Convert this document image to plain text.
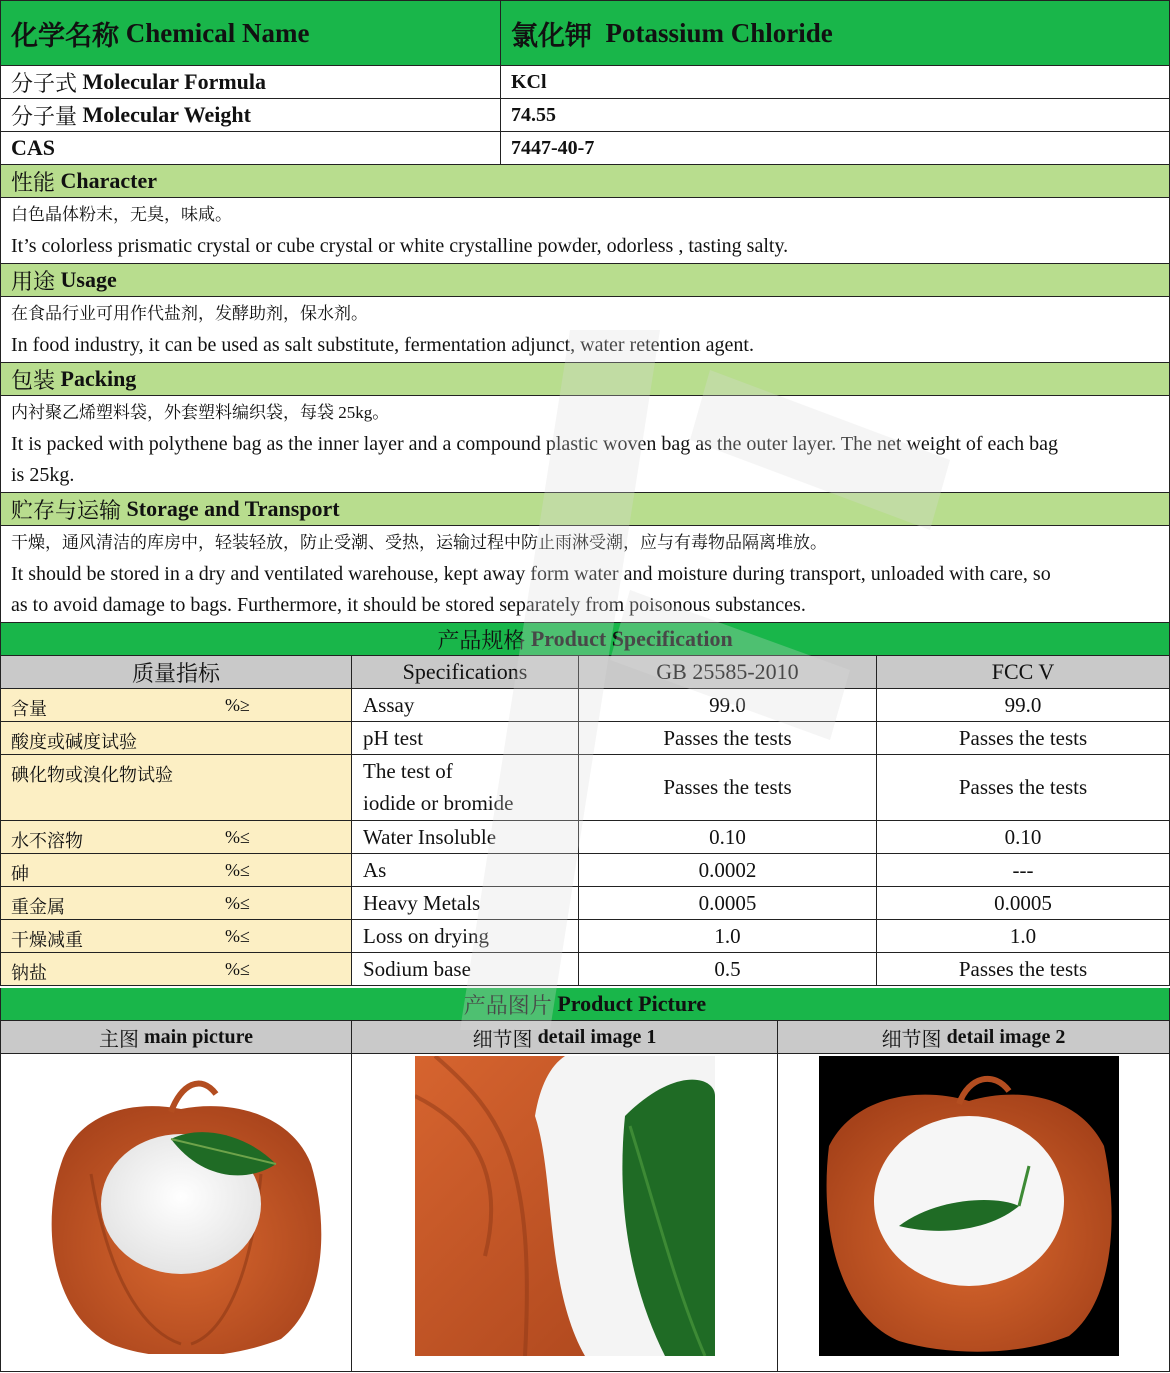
化学名称
Chemical Name	氯化钾
Potassium Chloride
分子式
Molecular Formula	KCl
分子量
Molecular Weight	74.55
CAS	7447-40-7
性能
Character
白色晶体粉末，无臭，味咸。
It’s colorless prismatic crystal or cube crystal or white crystalline powder, odorless , tasting salty.
用途
Usage
在食品行业可用作代盐剂，发酵助剂，保水剂。
In food industry, it can be used as salt substitute, fermentation adjunct, water retention agent.
包装
Packing
内衬聚乙烯塑料袋，外套塑料编织袋，每袋 25kg。
It is packed with polythene bag as the inner layer and a compound plastic woven bag as the outer layer. The net weight of each bag
is 25kg.
贮存与运输
Storage and Transport
干燥，通风清洁的库房中，轻装轻放，防止受潮、受热，运输过程中防止雨淋受潮，应与有毒物品隔离堆放。
It should be stored in a dry and ventilated warehouse, kept away form water and moisture during transport, unloaded with care, so
as to avoid damage to bags. Furthermore, it should be stored separately from poisonous substances.
产品规格
Product Specification
质量指标	Specifications	GB 25585-2010	FCC V
含量	%≥	Assay	99.0	99.0
酸度或碱度试验	pH test	Passes the tests	Passes the tests
碘化物或溴化物试验	The test of
iodide or bromide
Passes the tests	Passes the tests
水不溶物	%≤	Water Insoluble	0.10	0.10
砷	%≤	As	0.0002	---
重金属	%≤	Heavy Metals	0.0005	0.0005
干燥减重	%≤	Loss on drying	1.0	1.0
钠盐	%≤	Sodium base	0.5	Passes the tests
产品图片
Product Picture
主图
main picture	细节图
detail image 1	细节图
detail image 2
